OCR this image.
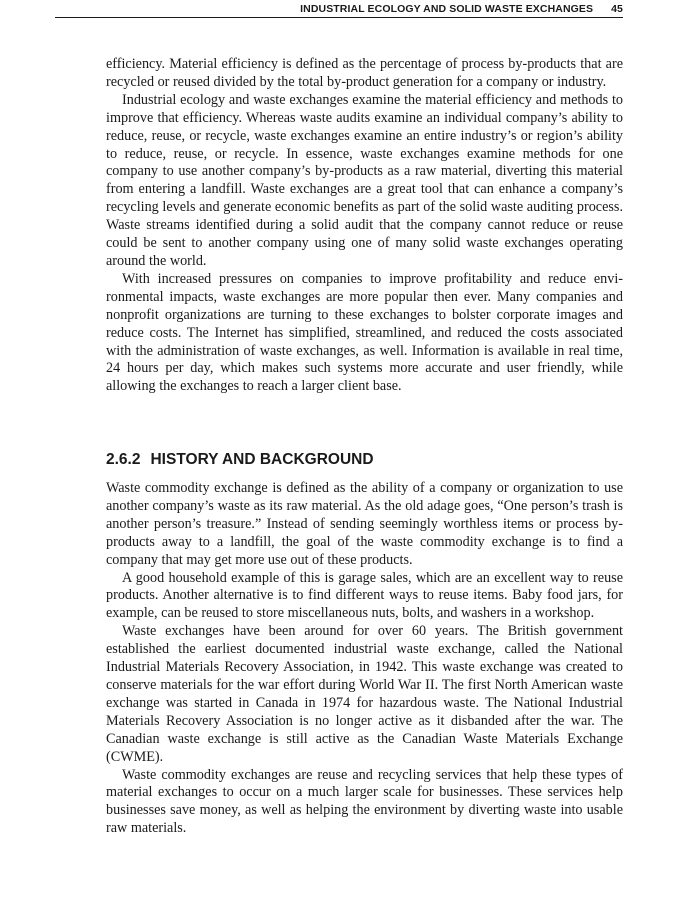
INDUSTRIAL ECOLOGY AND SOLID WASTE EXCHANGES 45

efficiency. Material efficiency is defined as the percentage of process by-products that are recycled or reused divided by the total by-product generation for a company or industry.

Industrial ecology and waste exchanges examine the material efficiency and methods to improve that efficiency. Whereas waste audits examine an individual company’s ability to reduce, reuse, or recycle, waste exchanges examine an entire industry’s or region’s ability to reduce, reuse, or recycle. In essence, waste exchanges examine methods for one company to use another company’s by-products as a raw material, diverting this material from entering a landfill. Waste exchanges are a great tool that can enhance a company’s recycling levels and generate economic benefits as part of the solid waste auditing process. Waste streams identified during a solid audit that the company cannot reduce or reuse could be sent to another company using one of many solid waste exchanges operating around the world.

With increased pressures on companies to improve profitability and reduce environmental impacts, waste exchanges are more popular then ever. Many companies and nonprofit organizations are turning to these exchanges to bolster corporate images and reduce costs. The Internet has simplified, streamlined, and reduced the costs associated with the administration of waste exchanges, as well. Information is available in real time, 24 hours per day, which makes such systems more accurate and user friendly, while allowing the exchanges to reach a larger client base.

2.6.2 HISTORY AND BACKGROUND

Waste commodity exchange is defined as the ability of a company or organization to use another company’s waste as its raw material. As the old adage goes, “One person’s trash is another person’s treasure.” Instead of sending seemingly worthless items or process by-products away to a landfill, the goal of the waste commodity exchange is to find a company that may get more use out of these products.

A good household example of this is garage sales, which are an excellent way to reuse products. Another alternative is to find different ways to reuse items. Baby food jars, for example, can be reused to store miscellaneous nuts, bolts, and washers in a workshop.

Waste exchanges have been around for over 60 years. The British government established the earliest documented industrial waste exchange, called the National Industrial Materials Recovery Association, in 1942. This waste exchange was created to conserve materials for the war effort during World War II. The first North American waste exchange was started in Canada in 1974 for hazardous waste. The National Industrial Materials Recovery Association is no longer active as it disbanded after the war. The Canadian waste exchange is still active as the Canadian Waste Materials Exchange (CWME).

Waste commodity exchanges are reuse and recycling services that help these types of material exchanges to occur on a much larger scale for businesses. These services help businesses save money, as well as helping the environment by diverting waste into usable raw materials.
